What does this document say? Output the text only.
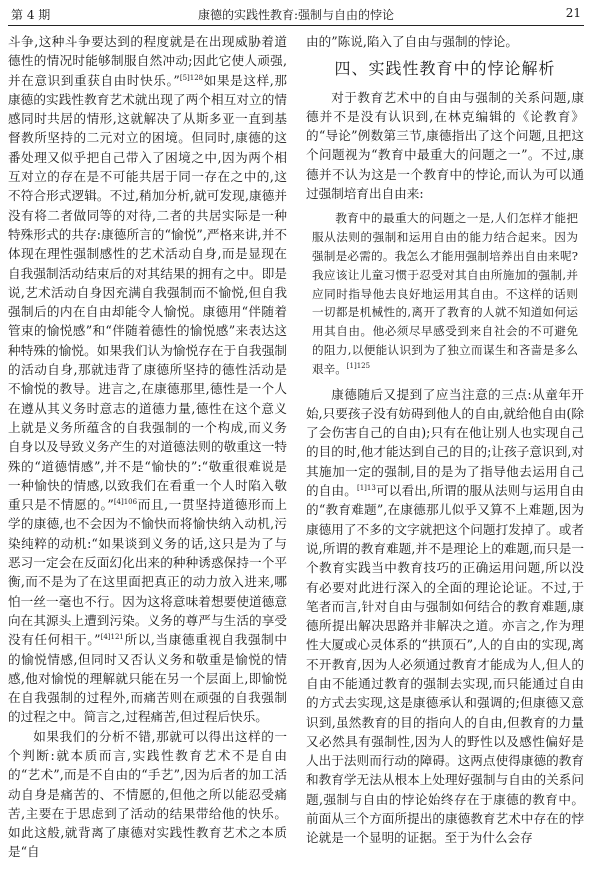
第 4 期	康德的实践性教育:强制与自由的悖论	21

斗争,这种斗争要达到的程度就是在出现威胁着道德性的情况时能够制服自然冲动;因此它使人顽强,并在意识到重获自由时快乐。”$^{[5]128}$如果是这样,那康德的实践性教育艺术就出现了两个相互对立的情感同时共居的情形,这就解决了从斯多亚一直到基督教所坚持的二元对立的困境。但同时,康德的这番处理又似乎把自己带入了困境之中,因为两个相互对立的存在是不可能共居于同一存在之中的,这不符合形式逻辑。不过,稍加分析,就可发现,康德并没有将二者做同等的对待,二者的共居实际是一种特殊形式的共存:康德所言的“愉悦”,严格来讲,并不体现在理性强制感性的艺术活动自身,而是显现在自我强制活动结束后的对其结果的拥有之中。即是说,艺术活动自身因充满自我强制而不愉悦,但自我强制后的内在自由却能令人愉悦。康德用“伴随着管束的愉悦感”和“伴随着德性的愉悦感”来表达这种特殊的愉悦。如果我们认为愉悦存在于自我强制的活动自身,那就违背了康德所坚持的德性活动是不愉悦的教导。进言之,在康德那里,德性是一个人在遵从其义务时意志的道德力量,德性在这个意义上就是义务所蕴含的自我强制的一个构成,而义务自身以及导致义务产生的对道德法则的敬重这一特殊的“道德情感”,并不是“愉快的”:“敬重很难说是一种愉快的情感,以致我们在看重一个人时陷入敬重只是不情愿的。”$^{[4]106}$而且,一贯坚持道德形而上学的康德,也不会因为不愉快而将愉快纳入动机,污染纯粹的动机:“如果谈到义务的话,这只是为了与恶习一定会在反面幻化出来的种种诱惑保持一个平衡,而不是为了在这里面把真正的动力放入进来,哪怕一丝一毫也不行。因为这将意味着想要使道德意向在其源头上遭到污染。义务的尊严与生活的享受没有任何相干。”$^{[4]121}$所以,当康德重视自我强制中的愉悦情感,但同时又否认义务和敬重是愉悦的情感,他对愉悦的理解就只能在另一个层面上,即愉悦在自我强制的过程外,而痛苦则在顽强的自我强制的过程之中。简言之,过程痛苦,但过程后快乐。

如果我们的分析不错,那就可以得出这样的一个判断:就本质而言,实践性教育艺术不是自由的“艺术”,而是不自由的“手艺”,因为后者的加工活动自身是痛苦的、不情愿的,但他之所以能忍受痛苦,主要在于思虑到了活动的结果带给他的快乐。如此这般,就背离了康德对实践性教育艺术之本质是“自

由的”陈说,陷入了自由与强制的悖论。

四、实践性教育中的悖论解析

对于教育艺术中的自由与强制的关系问题,康德并不是没有认识到,在林克编辑的《论教育》的“导论”例数第三节,康德指出了这个问题,且把这个问题视为“教育中最重大的问题之一”。不过,康德并不认为这是一个教育中的悖论,而认为可以通过强制培育出自由来:

教育中的最重大的问题之一是,人们怎样才能把服从法则的强制和运用自由的能力结合起来。因为强制是必需的。我怎么才能用强制培养出自由来呢?我应该让儿童习惯于忍受对其自由所施加的强制,并应同时指导他去良好地运用其自由。不这样的话则一切都是机械性的,离开了教育的人就不知道如何运用其自由。他必须尽早感受到来自社会的不可避免的阻力,以便能认识到为了独立而谋生和吝啬是多么艰辛。$^{[1]125}$

康德随后又提到了应当注意的三点:从童年开始,只要孩子没有妨碍到他人的自由,就给他自由(除了会伤害自己的自由);只有在他让别人也实现自己的目的时,他才能达到自己的目的;让孩子意识到,对其施加一定的强制,目的是为了指导他去运用自己的自由。$^{[1]13}$可以看出,所谓的服从法则与运用自由的“教育难题”,在康德那儿似乎又算不上难题,因为康德用了不多的文字就把这个问题打发掉了。或者说,所谓的教育难题,并不是理论上的难题,而只是一个教育实践当中教育技巧的正确运用问题,所以没有必要对此进行深入的全面的理论论证。不过,于笔者而言,针对自由与强制如何结合的教育难题,康德所提出解决思路并非解决之道。亦言之,作为理性大厦或心灵体系的“拱顶石”,人的自由的实现,离不开教育,因为人必须通过教育才能成为人,但人的自由不能通过教育的强制去实现,而只能通过自由的方式去实现,这是康德承认和强调的;但康德又意识到,虽然教育的目的指向人的自由,但教育的力量又必然具有强制性,因为人的野性以及感性偏好是人出于法则而行动的障碍。这两点使得康德的教育和教育学无法从根本上处理好强制与自由的关系问题,强制与自由的悖论始终存在于康德的教育中。前面从三个方面所提出的康德教育艺术中存在的悖论就是一个显明的证据。至于为什么会存
